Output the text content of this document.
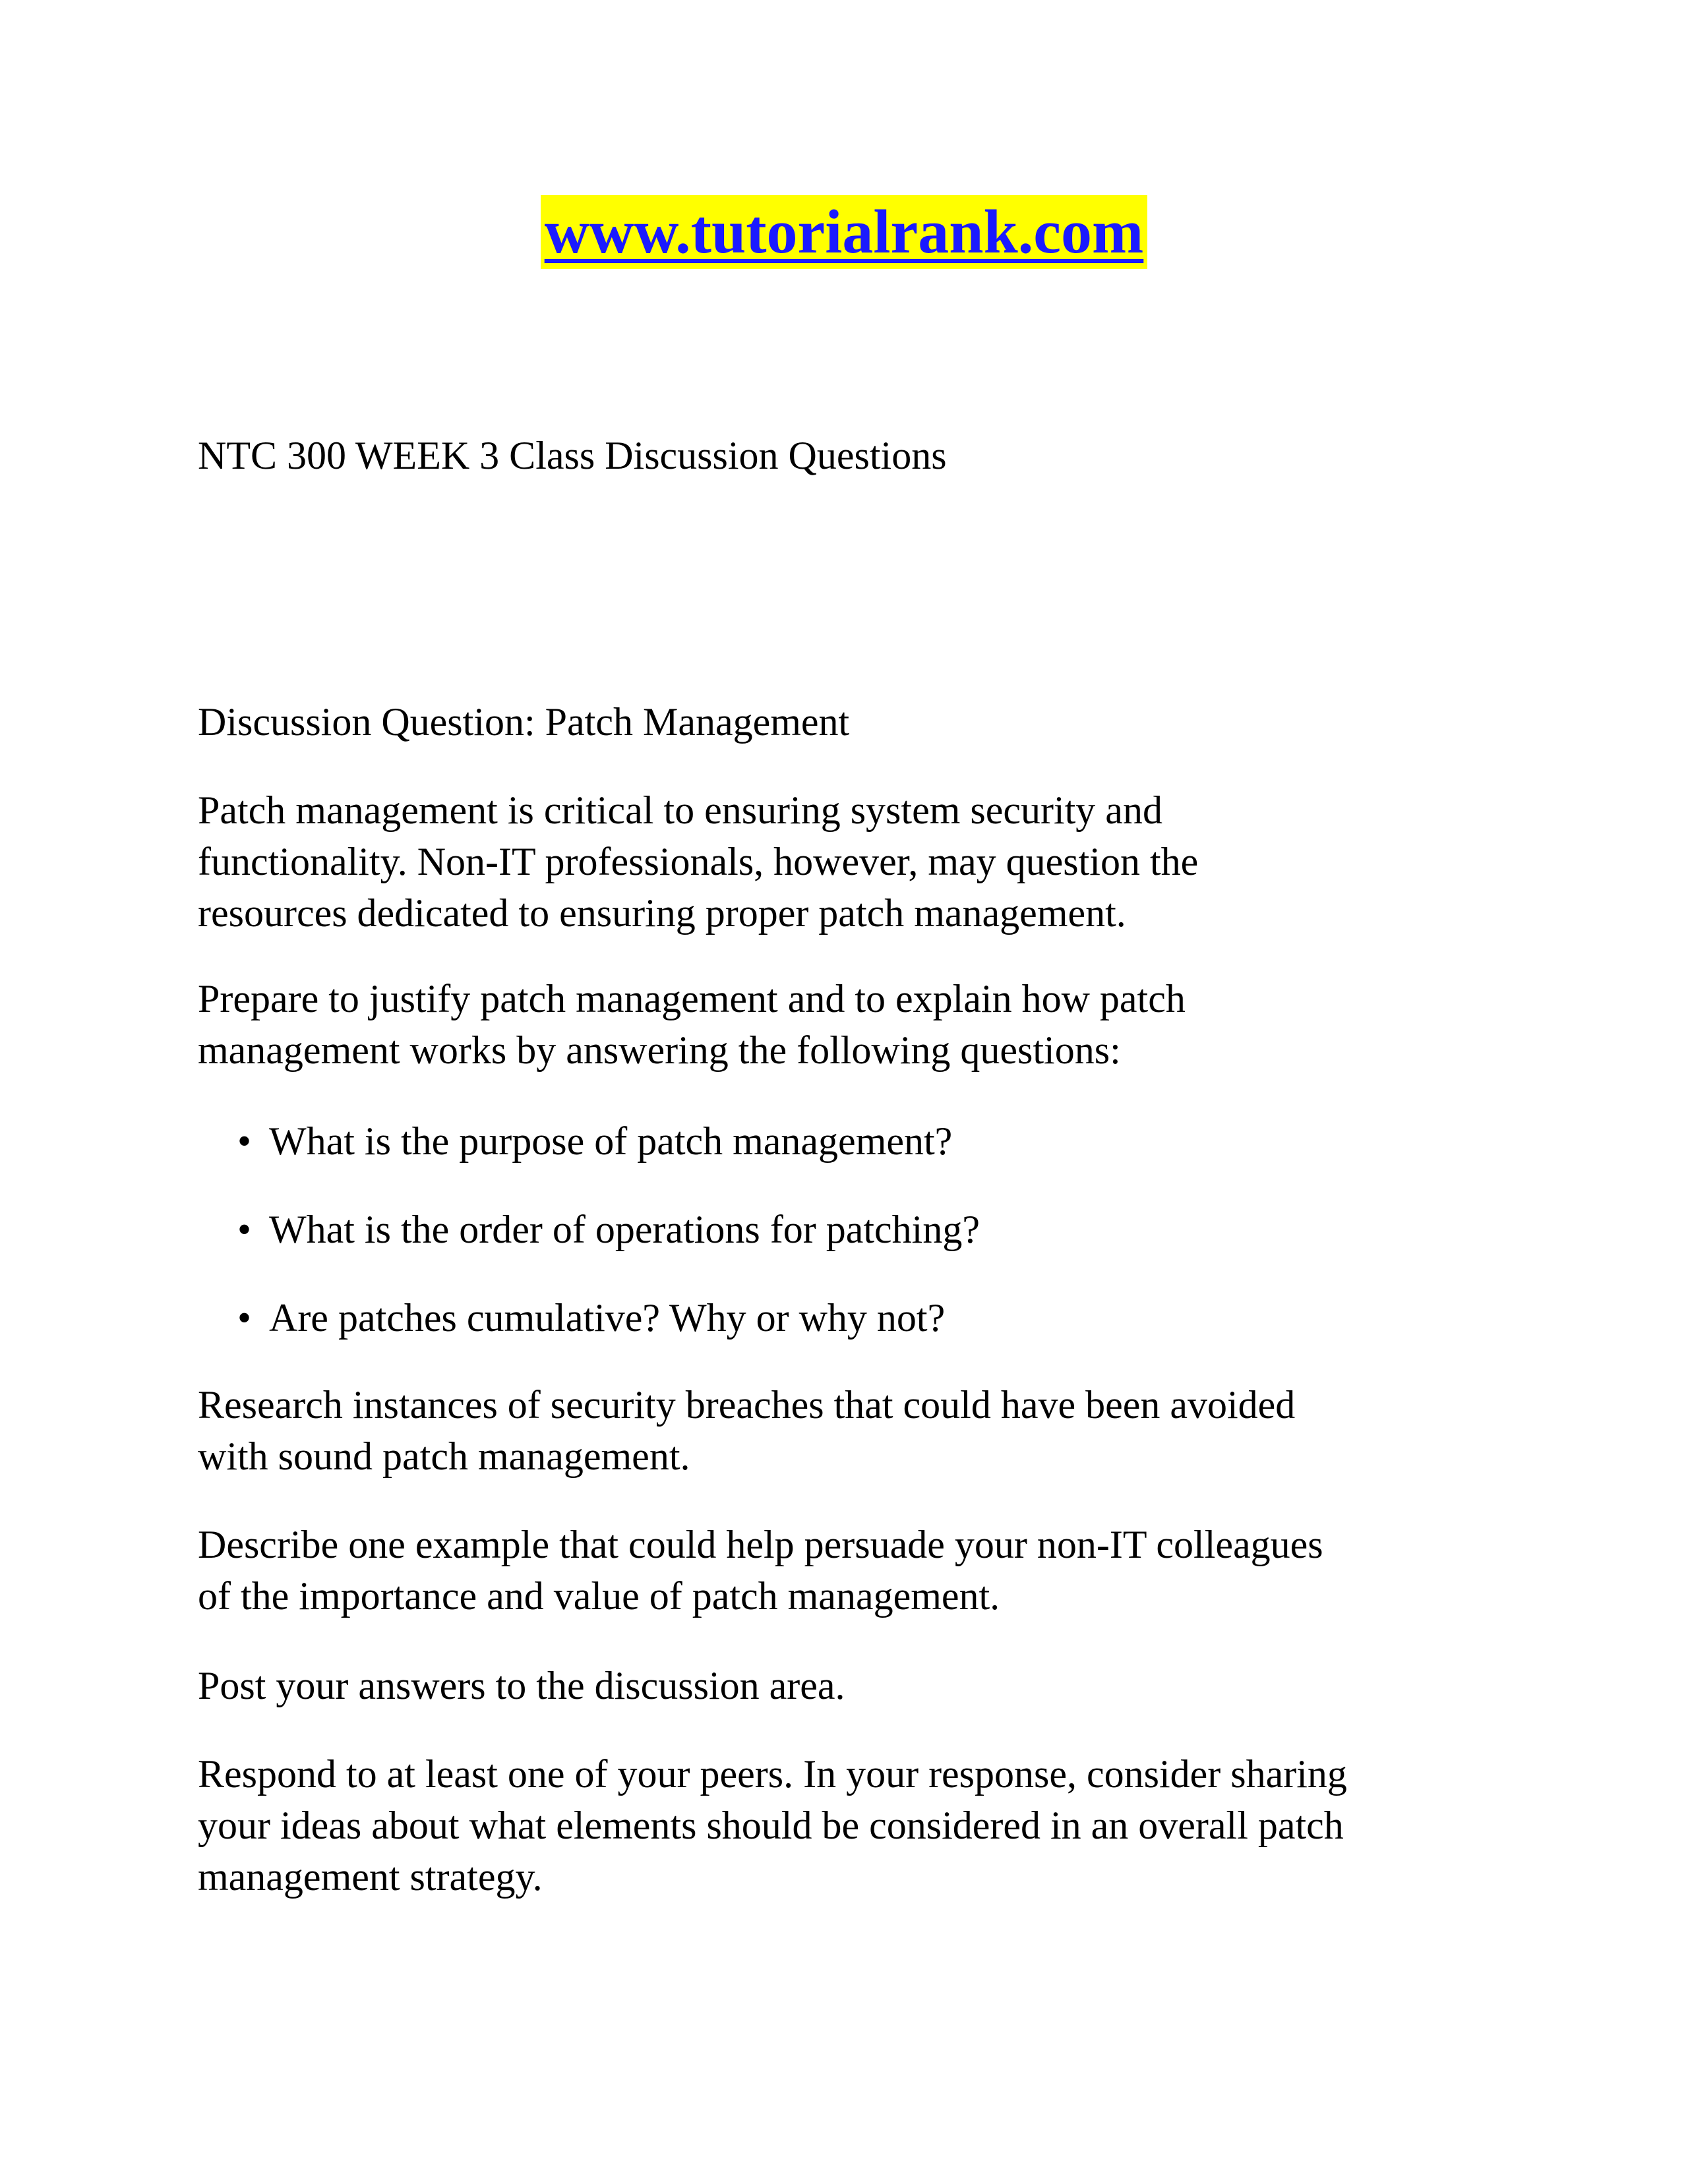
www.tutorialrank.com

NTC 300 WEEK 3 Class Discussion Questions

Discussion Question: Patch Management

Patch management is critical to ensuring system security and
functionality. Non-IT professionals, however, may question the
resources dedicated to ensuring proper patch management.

Prepare to justify patch management and to explain how patch
management works by answering the following questions:

• What is the purpose of patch management?
• What is the order of operations for patching?
• Are patches cumulative? Why or why not?

Research instances of security breaches that could have been avoided
with sound patch management.

Describe one example that could help persuade your non-IT colleagues
of the importance and value of patch management.

Post your answers to the discussion area.

Respond to at least one of your peers. In your response, consider sharing
your ideas about what elements should be considered in an overall patch
management strategy.
